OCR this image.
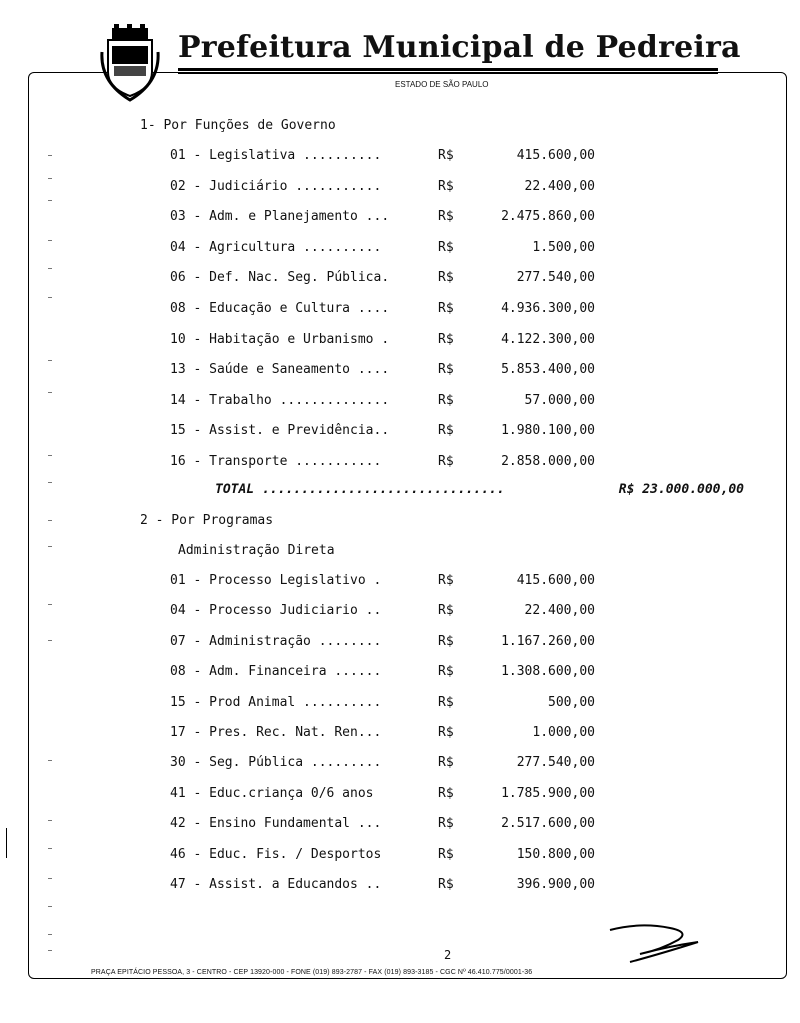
Prefeitura Municipal de Pedreira
ESTADO DE SÃO PAULO
1- Por Funções de Governo
01 - Legislativa ..........	R$	415.600,00
02 - Judiciário ...........	R$	22.400,00
03 - Adm. e Planejamento ...	R$	2.475.860,00
04 - Agricultura ..........	R$	1.500,00
06 - Def. Nac. Seg. Pública.	R$	277.540,00
08 - Educação e Cultura ....	R$	4.936.300,00
10 - Habitação e Urbanismo .	R$	4.122.300,00
13 - Saúde e Saneamento ....	R$	5.853.400,00
14 - Trabalho ..............	R$	57.000,00
15 - Assist. e Previdência..	R$	1.980.100,00
16 - Transporte ...........	R$	2.858.000,00
TOTAL ...............................	R$ 23.000.000,00
2 - Por Programas
Administração Direta
01 - Processo Legislativo .	R$	415.600,00
04 - Processo Judiciario ..	R$	22.400,00
07 - Administração ........	R$	1.167.260,00
08 - Adm. Financeira ......	R$	1.308.600,00
15 - Prod Animal ..........	R$	500,00
17 - Pres. Rec. Nat. Ren...	R$	1.000,00
30 - Seg. Pública .........	R$	277.540,00
41 - Educ.criança 0/6 anos	R$	1.785.900,00
42 - Ensino Fundamental ...	R$	2.517.600,00
46 - Educ. Fis. / Desportos	R$	150.800,00
47 - Assist. a Educandos ..	R$	396.900,00
2
PRAÇA EPITÁCIO PESSOA, 3 - CENTRO - CEP 13920-000 - FONE (019) 893-2787 - FAX (019) 893-3185 - CGC Nº 46.410.775/0001-36
